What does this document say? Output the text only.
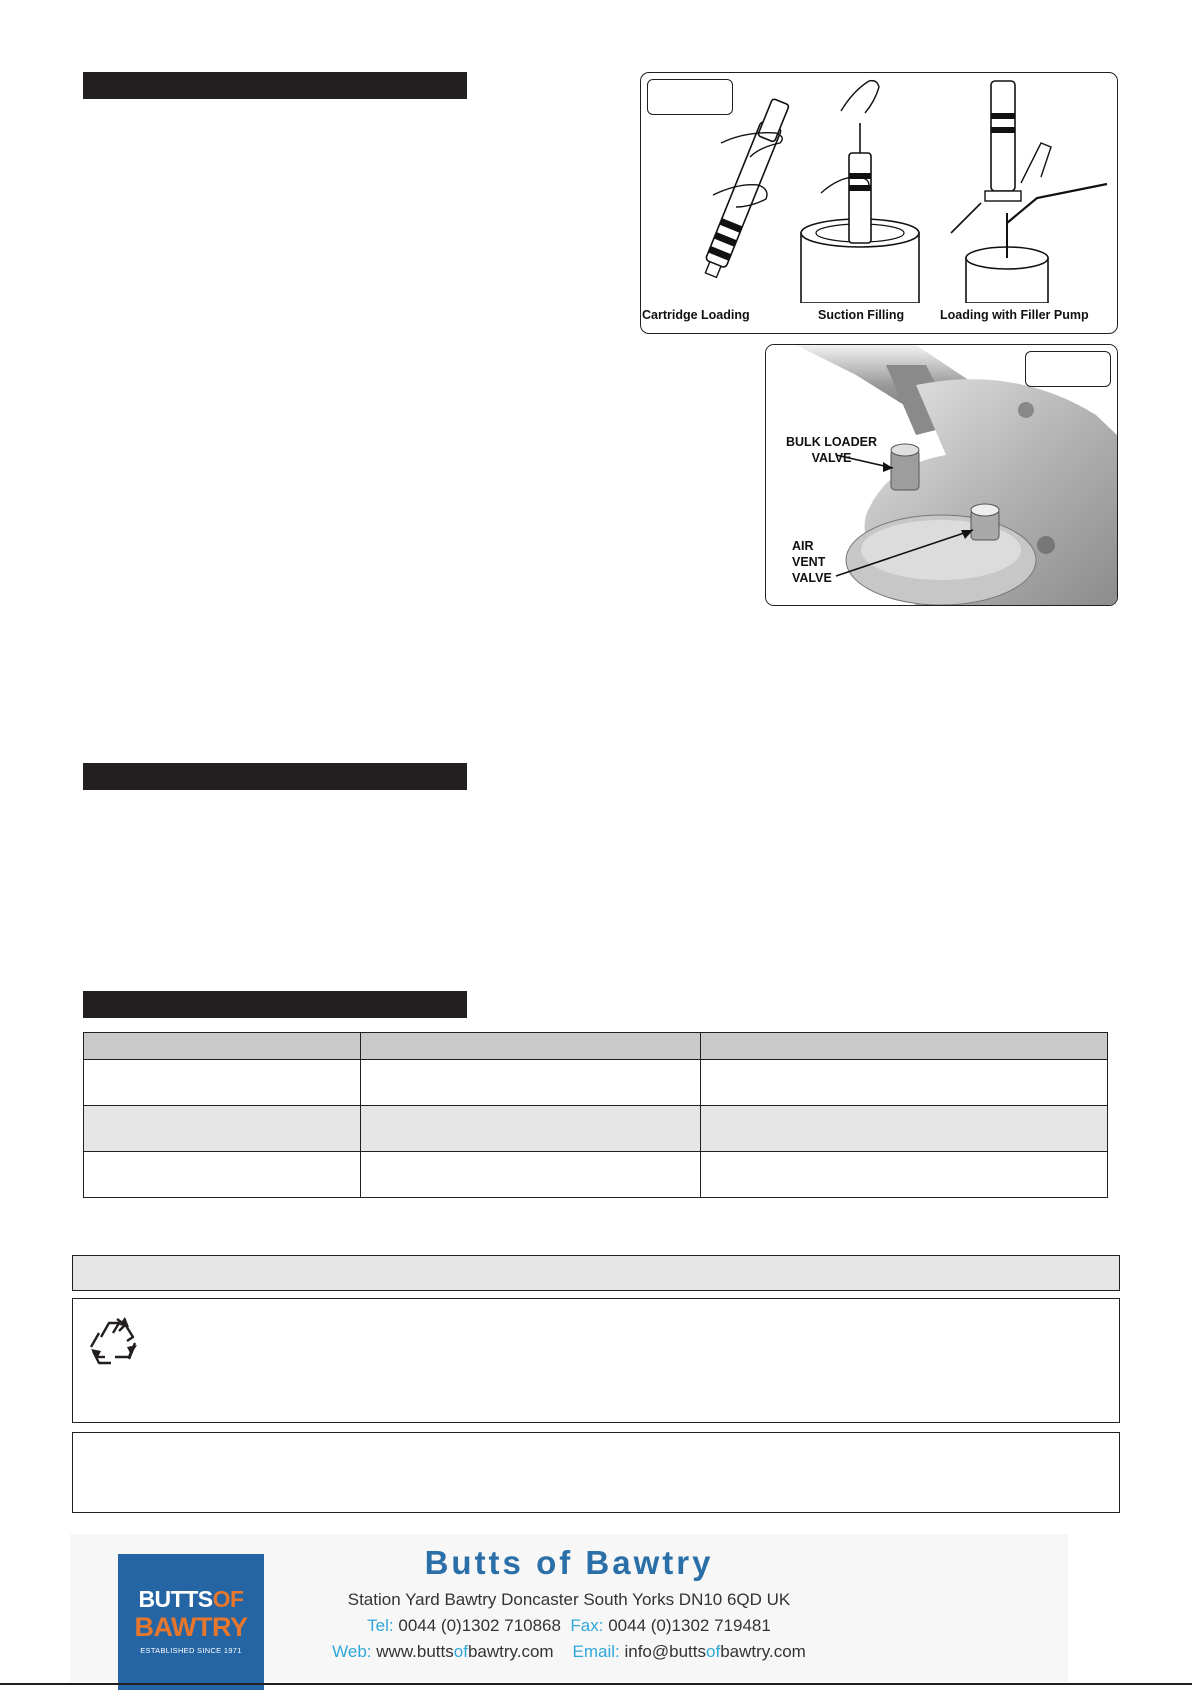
Cartridge Loading	Suction Filling	Loading with Filler Pump
BULK LOADER
VALVE
AIR
VENT
VALVE

BUTTSOF
BAWTRY
ESTABLISHED SINCE 1971
Butts of Bawtry
Station Yard Bawtry Doncaster South Yorks DN10 6QD UK
Tel: 0044 (0)1302 710868 Fax: 0044 (0)1302 719481
Web: www.buttsofbawtry.com Email: info@buttsofbawtry.com
